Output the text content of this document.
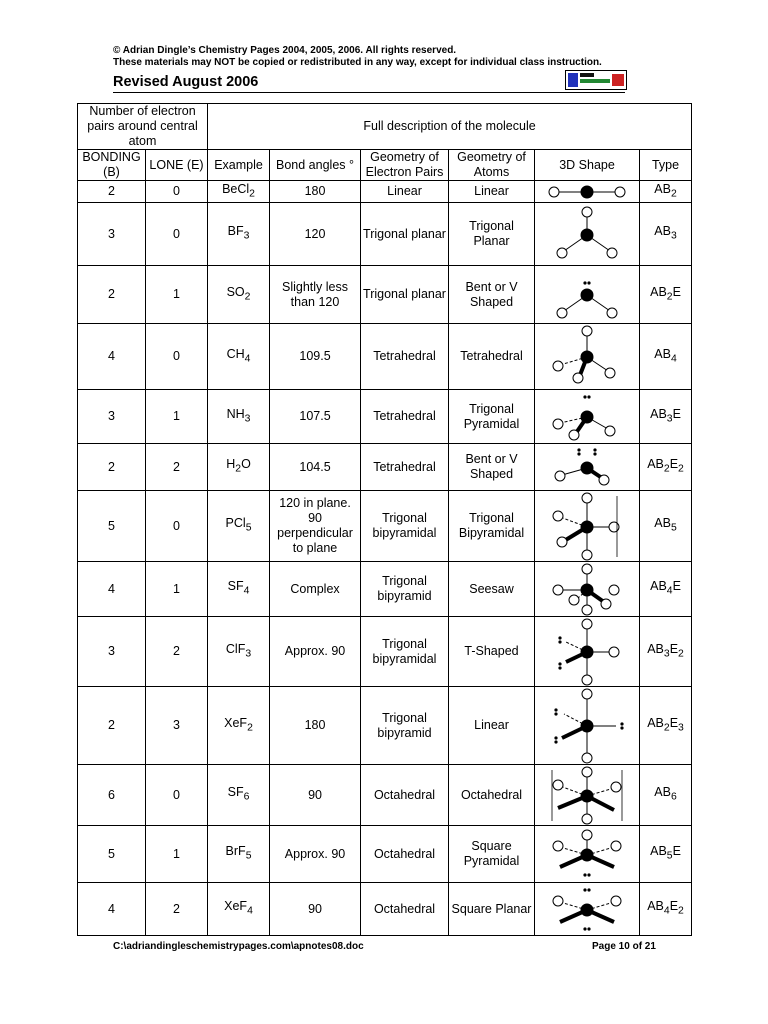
© Adrian Dingle’s Chemistry Pages 2004, 2005, 2006. All rights reserved.
These materials may NOT be copied or redistributed in any way, except for individual class instruction.
Revised August 2006
Number of electron pairs around central atom		Full description of the molecule					
BONDING (B)	LONE (E)	Example	Bond angles °	Geometry of Electron Pairs	Geometry of Atoms	3D Shape	Type
2	0	BeCl$_2$	180	Linear	Linear		$AB_2$
3	0	$BF_3$	120	Trigonal planar	Trigonal Planar		$AB_3$
2	1	$SO_2$	Slightly less than 120	Trigonal planar	Bent or V Shaped		$AB_2E$
4	0	$CH_4$	109.5	Tetrahedral	Tetrahedral		$AB_4$
3	1	$NH_3$	107.5	Tetrahedral	Trigonal Pyramidal		$AB_3E$
2	2	$H_2O$	104.5	Tetrahedral	Bent or V Shaped		$AB_2E_2$
5	0	PCl$_5$	120 in plane. 90 perpendicular to plane	Trigonal bipyramidal	Trigonal Bipyramidal		$AB_5$
4	1	$SF_4$	Complex	Trigonal bipyramid	Seesaw		$AB_4E$
3	2	ClF$_3$	Approx. 90	Trigonal bipyramidal	T-Shaped		$AB_3E_2$
2	3	XeF$_2$	180	Trigonal bipyramid	Linear		$AB_2E_3$
6	0	$SF_6$	90	Octahedral	Octahedral		$AB_6$
5	1	BrF$_5$	Approx. 90	Octahedral	Square Pyramidal		$AB_5E$
4	2	XeF$_4$	90	Octahedral	Square Planar		$AB_4E_2$
C:\adriandingleschemistrypages.com\apnotes08.doc	Page 10 of 21
